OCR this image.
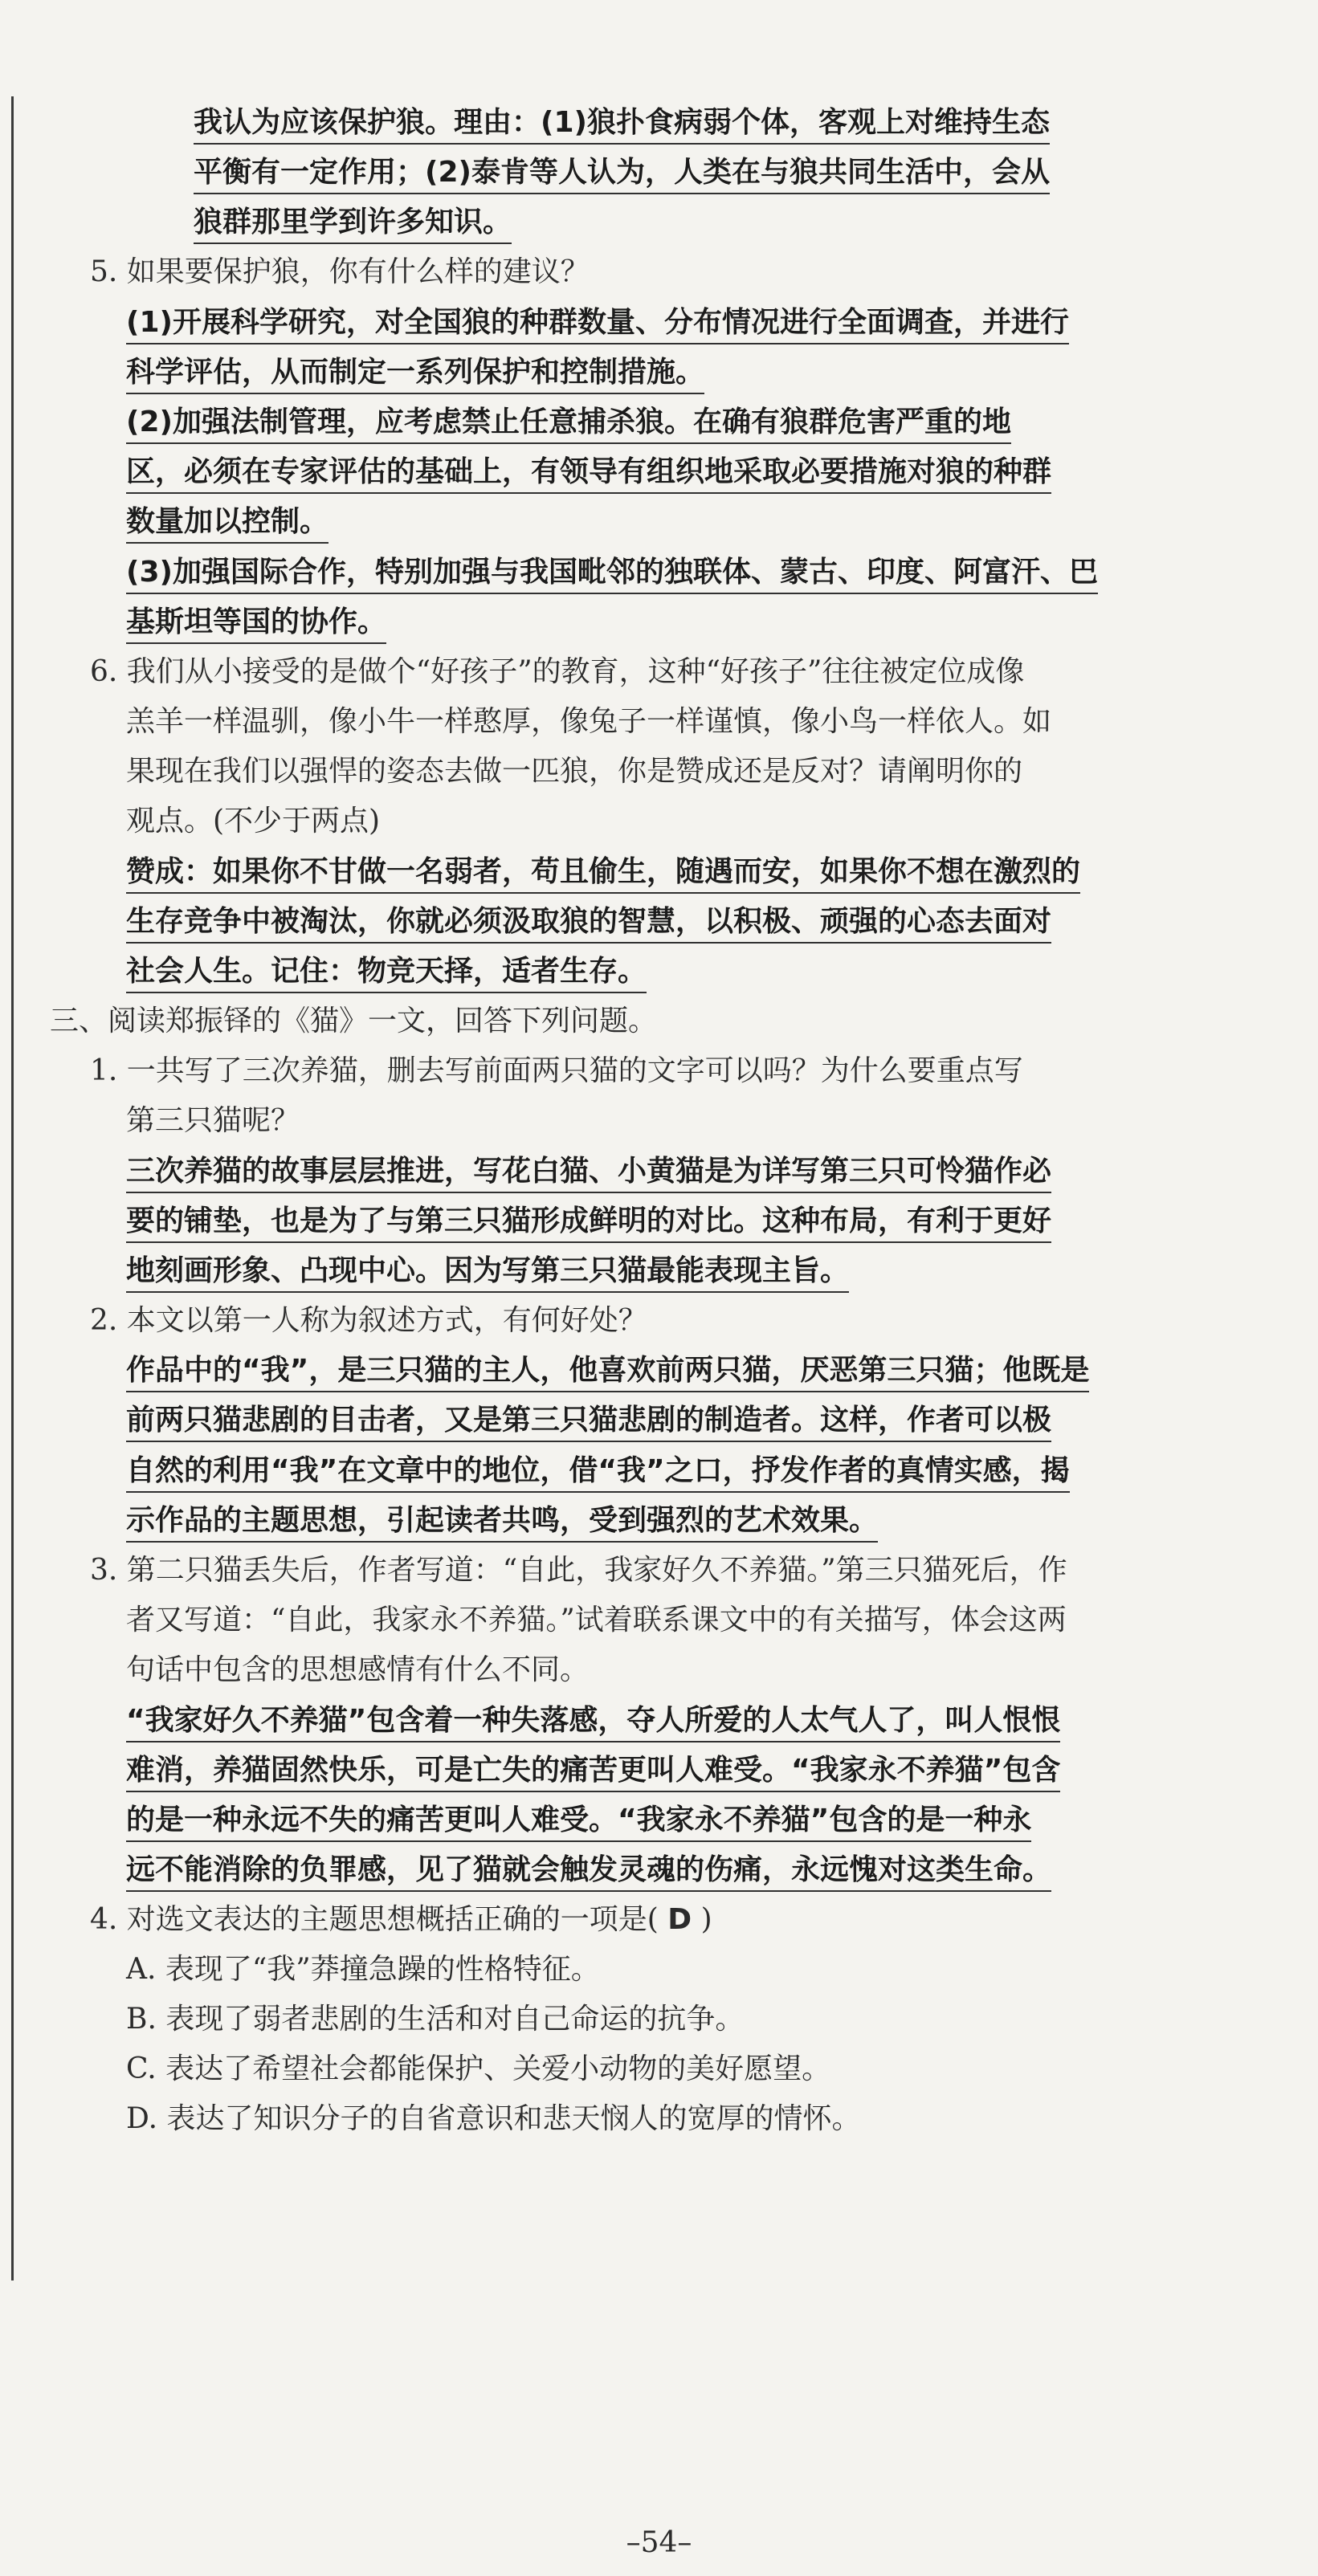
我认为应该保护狼。理由：(1)狼扑食病弱个体，客观上对维持生态
平衡有一定作用；(2)泰肯等人认为，人类在与狼共同生活中，会从
狼群那里学到许多知识。
5. 如果要保护狼，你有什么样的建议？
(1)开展科学研究，对全国狼的种群数量、分布情况进行全面调查，并进行
科学评估，从而制定一系列保护和控制措施。
(2)加强法制管理，应考虑禁止任意捕杀狼。在确有狼群危害严重的地
区，必须在专家评估的基础上，有领导有组织地采取必要措施对狼的种群
数量加以控制。
(3)加强国际合作，特别加强与我国毗邻的独联体、蒙古、印度、阿富汗、巴
基斯坦等国的协作。
6. 我们从小接受的是做个“好孩子”的教育，这种“好孩子”往往被定位成像
羔羊一样温驯，像小牛一样憨厚，像兔子一样谨慎，像小鸟一样依人。如
果现在我们以强悍的姿态去做一匹狼，你是赞成还是反对？请阐明你的
观点。(不少于两点)
赞成：如果你不甘做一名弱者，苟且偷生，随遇而安，如果你不想在激烈的
生存竞争中被淘汰，你就必须汲取狼的智慧，以积极、顽强的心态去面对
社会人生。记住：物竞天择，适者生存。
三、阅读郑振铎的《猫》一文，回答下列问题。
1. 一共写了三次养猫，删去写前面两只猫的文字可以吗？为什么要重点写
第三只猫呢？
三次养猫的故事层层推进，写花白猫、小黄猫是为详写第三只可怜猫作必
要的铺垫，也是为了与第三只猫形成鲜明的对比。这种布局，有利于更好
地刻画形象、凸现中心。因为写第三只猫最能表现主旨。
2. 本文以第一人称为叙述方式，有何好处？
作品中的“我”，是三只猫的主人，他喜欢前两只猫，厌恶第三只猫；他既是
前两只猫悲剧的目击者，又是第三只猫悲剧的制造者。这样，作者可以极
自然的利用“我”在文章中的地位，借“我”之口，抒发作者的真情实感，揭
示作品的主题思想，引起读者共鸣，受到强烈的艺术效果。
3. 第二只猫丢失后，作者写道：“自此，我家好久不养猫。”第三只猫死后，作
者又写道：“自此，我家永不养猫。”试着联系课文中的有关描写，体会这两
句话中包含的思想感情有什么不同。
“我家好久不养猫”包含着一种失落感，夺人所爱的人太气人了，叫人恨恨
难消，养猫固然快乐，可是亡失的痛苦更叫人难受。“我家永不养猫”包含
的是一种永远不失的痛苦更叫人难受。“我家永不养猫”包含的是一种永
远不能消除的负罪感，见了猫就会触发灵魂的伤痛，永远愧对这类生命。
4. 对选文表达的主题思想概括正确的一项是( D )
A. 表现了“我”莽撞急躁的性格特征。
B. 表现了弱者悲剧的生活和对自己命运的抗争。
C. 表达了希望社会都能保护、关爱小动物的美好愿望。
D. 表达了知识分子的自省意识和悲天悯人的宽厚的情怀。
–54–
